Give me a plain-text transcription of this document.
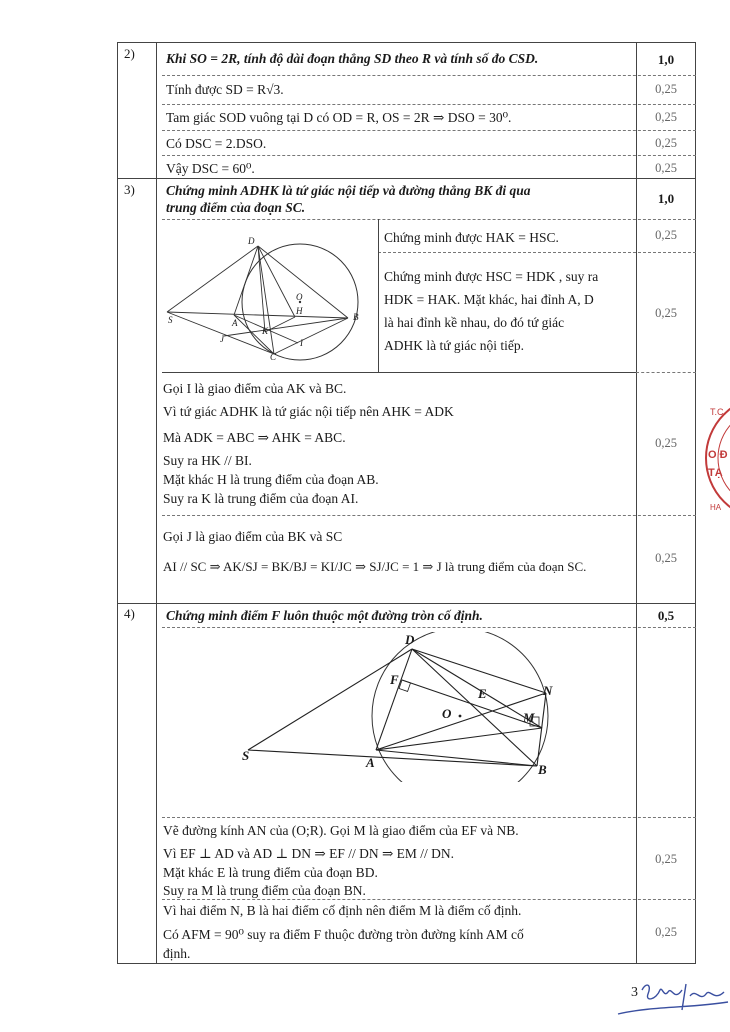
2) Khi SO = 2R, tính độ dài đoạn thẳng SD theo R và tính số đo CSD.	1,0
Tính được SD = R√3.	0,25
Tam giác SOD vuông tại D có OD = R, OS = 2R ⇒ DSO = 30⁰.	0,25
Có DSC = 2.DSO.	0,25
Vậy DSC = 60⁰.	0,25
3) Chứng minh ADHK là tứ giác nội tiếp và đường thẳng BK đi qua
trung điểm của đoạn SC.
1,0
D
O
H
S	A
K
B
J	I
C
Chứng minh được HAK = HSC.	0,25
Chứng minh được HSC = HDK , suy ra
HDK = HAK. Mặt khác, hai đỉnh A, D
là hai đỉnh kề nhau, do đó tứ giác
ADHK là tứ giác nội tiếp.
0,25
Gọi I là giao điểm của AK và BC.
Vì tứ giác ADHK là tứ giác nội tiếp nên AHK = ADK
Mà ADK = ABC ⇒ AHK = ABC.
Suy ra HK // BI.
Mặt khác H là trung điểm của đoạn AB.
Suy ra K là trung điểm của đoạn AI.
0,25
Gọi J là giao điểm của BK và SC
AI // SC ⇒ AK/SJ = BK/BJ = KI/JC ⇒ SJ/JC = 1 ⇒ J là trung điểm của đoạn SC.
0,25
4) Chứng minh điểm F luôn thuộc một đường tròn cố định.	0,5
D
F
E	N
O	M
S	A	B
Vẽ đường kính AN của (O;R). Gọi M là giao điểm của EF và NB.
Vì EF ⊥ AD và AD ⊥ DN ⇒ EF // DN ⇒ EM // DN.
Mặt khác E là trung điểm của đoạn BD.
Suy ra M là trung điểm của đoạn BN.
0,25
Vì hai điểm N, B là hai điểm cố định nên điểm M là điểm cố định.
Có AFM = 90⁰ suy ra điểm F thuộc đường tròn đường kính AM cố
định.
0,25
T.C.
O Đ
TẠ
HA
3
